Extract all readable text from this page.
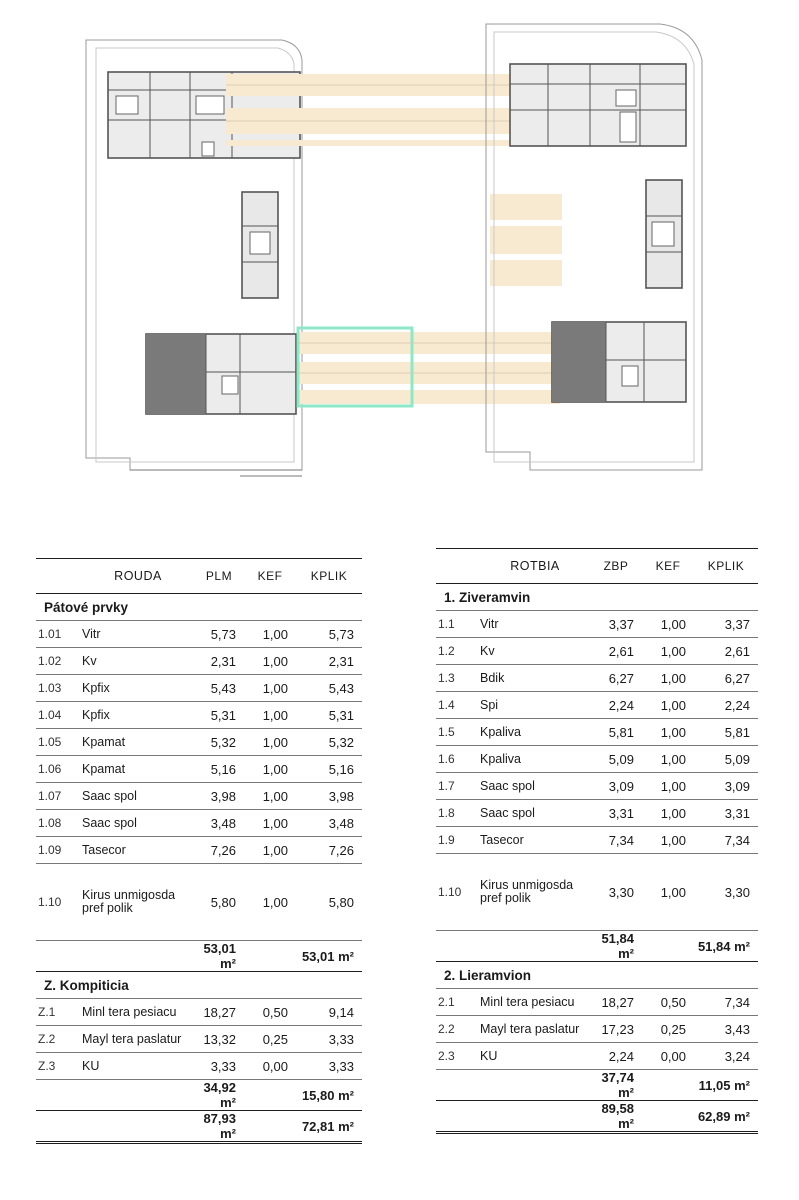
ROUDA	PLM	KEF	KPLIK
Pátové prvky
1.01	Vitr	5,73	1,00	5,73
1.02	Kv	2,31	1,00	2,31
1.03	Kpfix	5,43	1,00	5,43
1.04	Kpfix	5,31	1,00	5,31
1.05	Kpamat	5,32	1,00	5,32
1.06	Kpamat	5,16	1,00	5,16
1.07	Saac spol	3,98	1,00	3,98
1.08	Saac spol	3,48	1,00	3,48
1.09	Tasecor	7,26	1,00	7,26
1.10	Kirus unmigosda pref polik	5,80	1,00	5,80
53,01 m²	53,01 m²
Z. Kompiticia
Z.1	Minl tera pesiacu	18,27	0,50	9,14
Z.2	Mayl tera paslatur	13,32	0,25	3,33
Z.3	KU	3,33	0,00	3,33
34,92 m²	15,80 m²
87,93 m²	72,81 m²
ROTBIA	ZBP	KEF	KPLIK
1. Ziveramvin
1.1	Vitr	3,37	1,00	3,37
1.2	Kv	2,61	1,00	2,61
1.3	Bdik	6,27	1,00	6,27
1.4	Spi	2,24	1,00	2,24
1.5	Kpaliva	5,81	1,00	5,81
1.6	Kpaliva	5,09	1,00	5,09
1.7	Saac spol	3,09	1,00	3,09
1.8	Saac spol	3,31	1,00	3,31
1.9	Tasecor	7,34	1,00	7,34
1.10	Kirus unmigosda pref polik	3,30	1,00	3,30
51,84 m²	51,84 m²
2. Lieramvion
2.1	Minl tera pesiacu	18,27	0,50	7,34
2.2	Mayl tera paslatur	17,23	0,25	3,43
2.3	KU	2,24	0,00	3,24
37,74 m²	11,05 m²
89,58 m²	62,89 m²
